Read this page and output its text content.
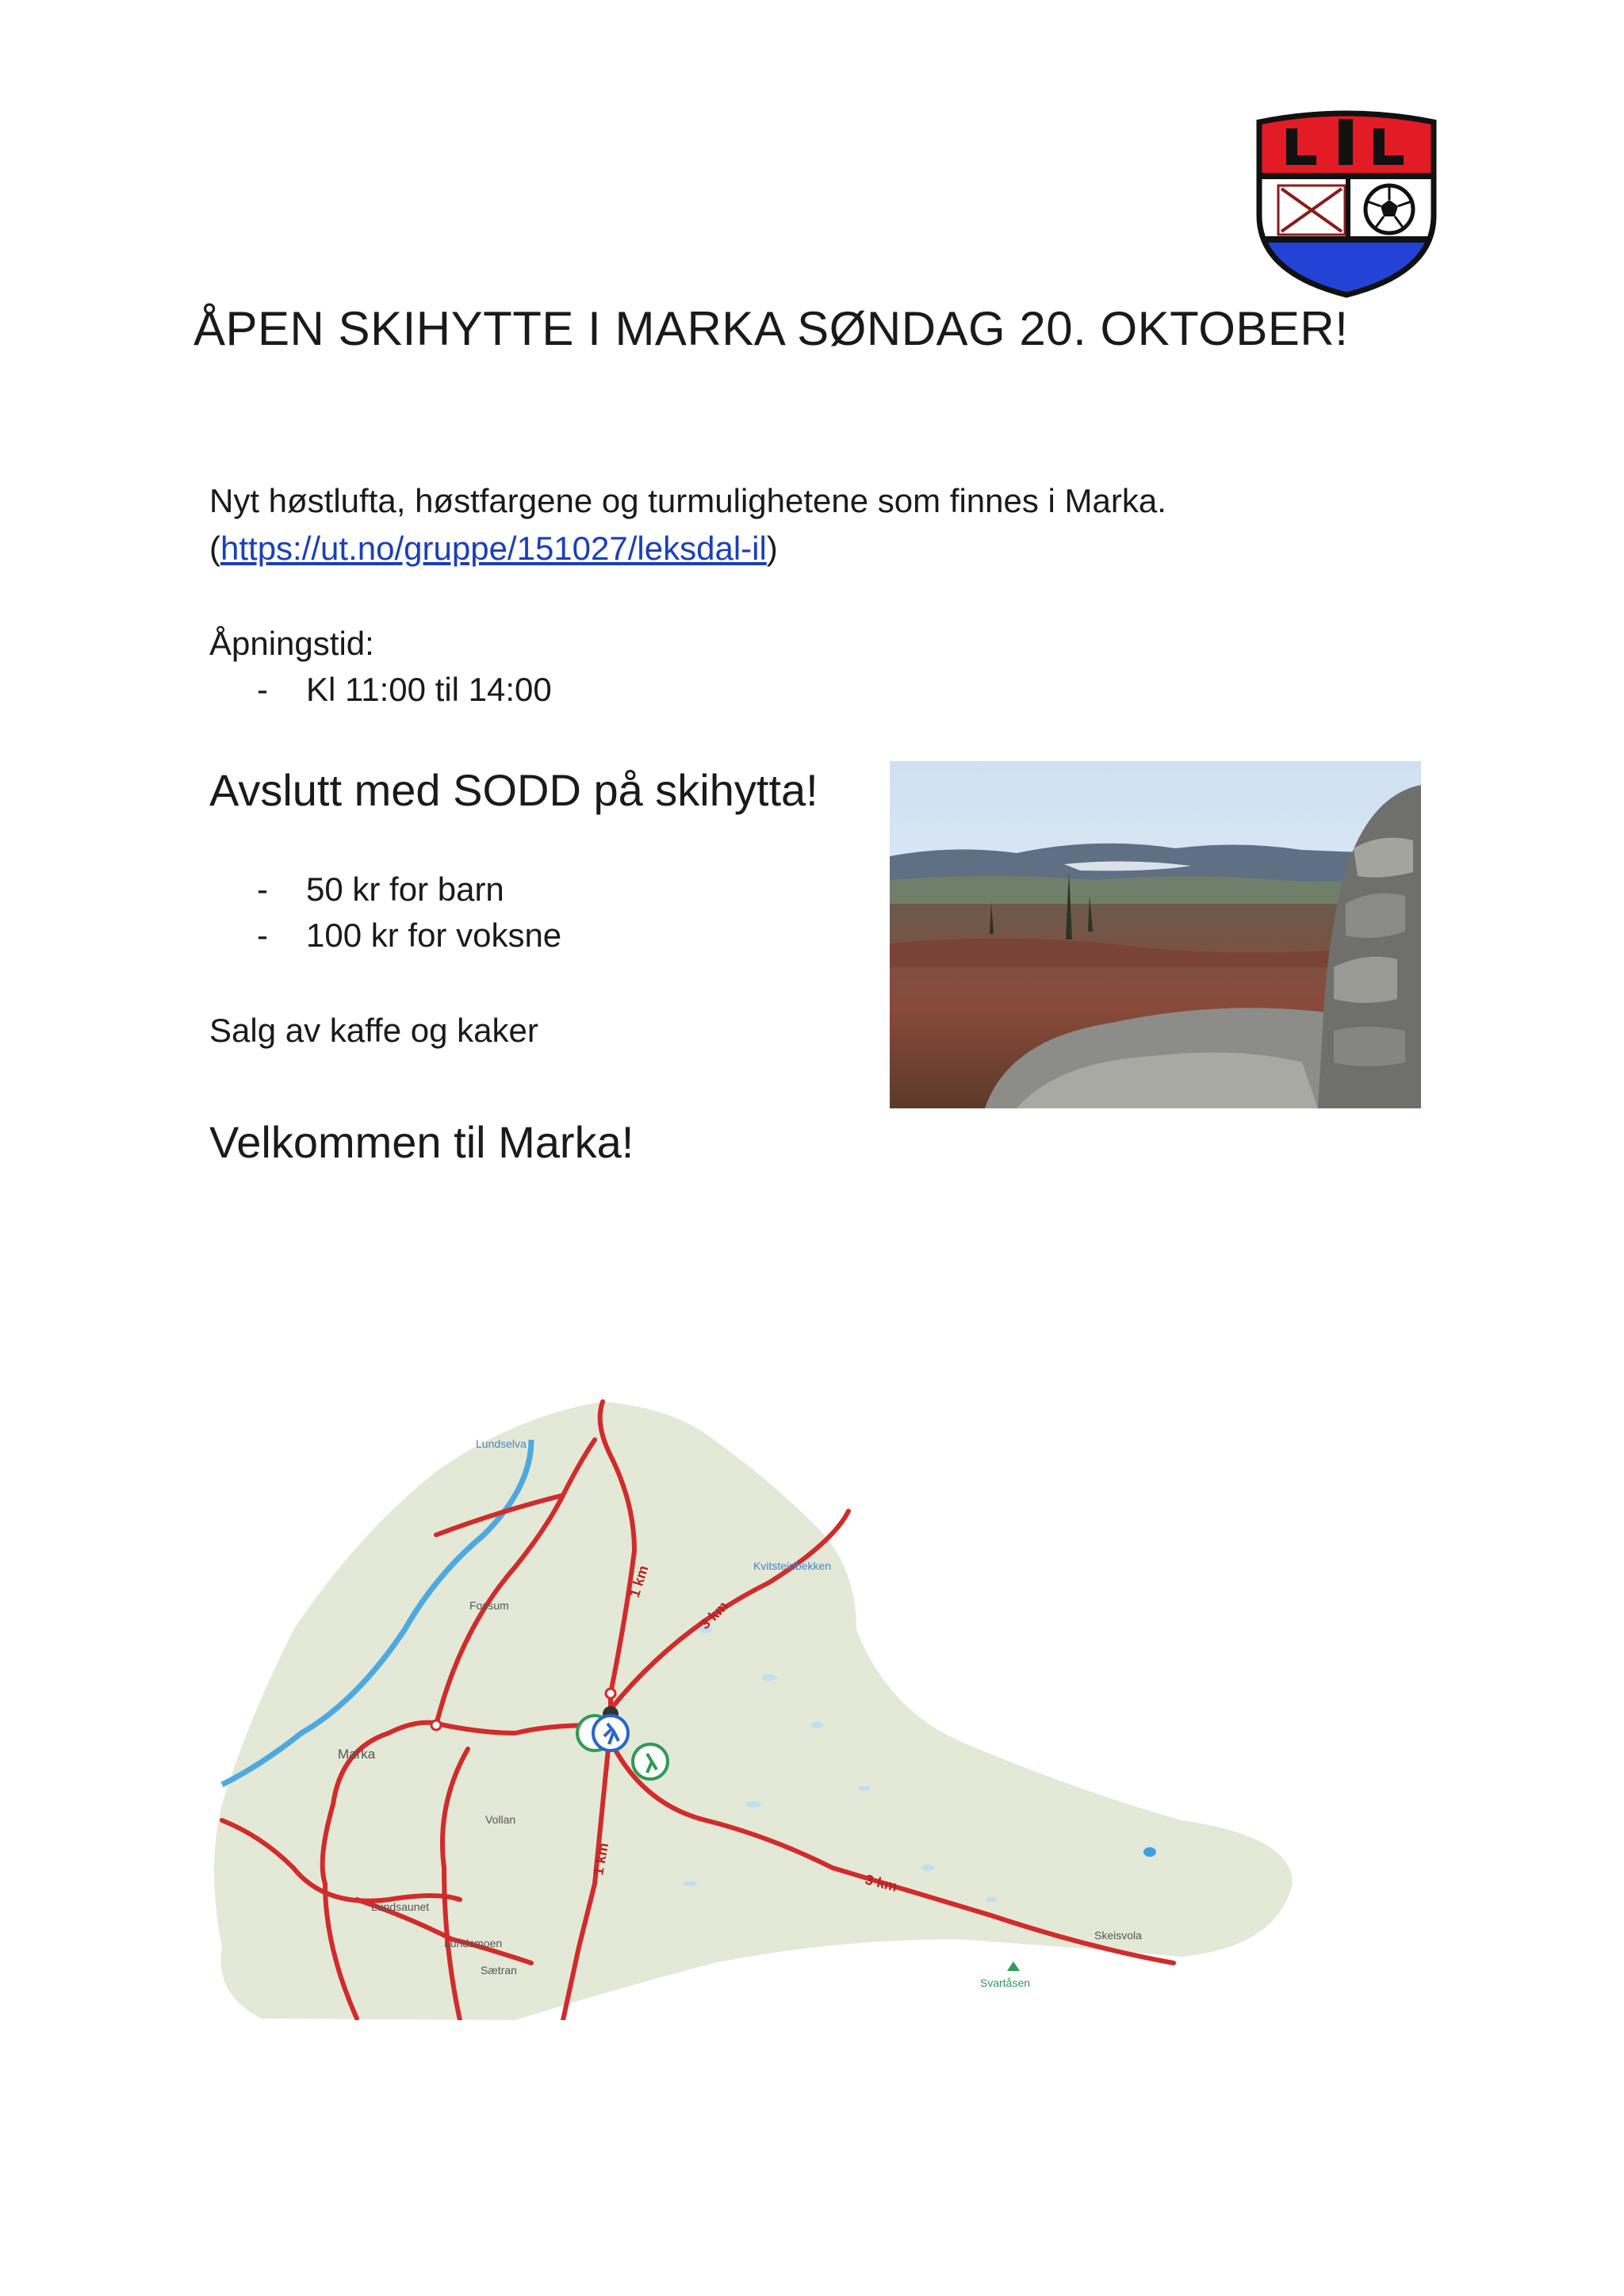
ÅPEN SKIHYTTE I MARKA SØNDAG 20. OKTOBER!
Nyt høstlufta, høstfargene og turmulighetene som finnes i Marka.
(https://ut.no/gruppe/151027/leksdal-il)
Åpningstid:
- Kl 11:00 til 14:00
Avslutt med SODD på skihytta!
- 50 kr for barn
- 100 kr for voksne
Salg av kaffe og kaker
Velkommen til Marka!
Lundselva
Kvitsteinbekken
Fossum
Marka
Vollan
Lundsaunet
Lundsmoen
Sætran
Skeisvola
Svartåsen
1 km
3 km
1 km
3 km
